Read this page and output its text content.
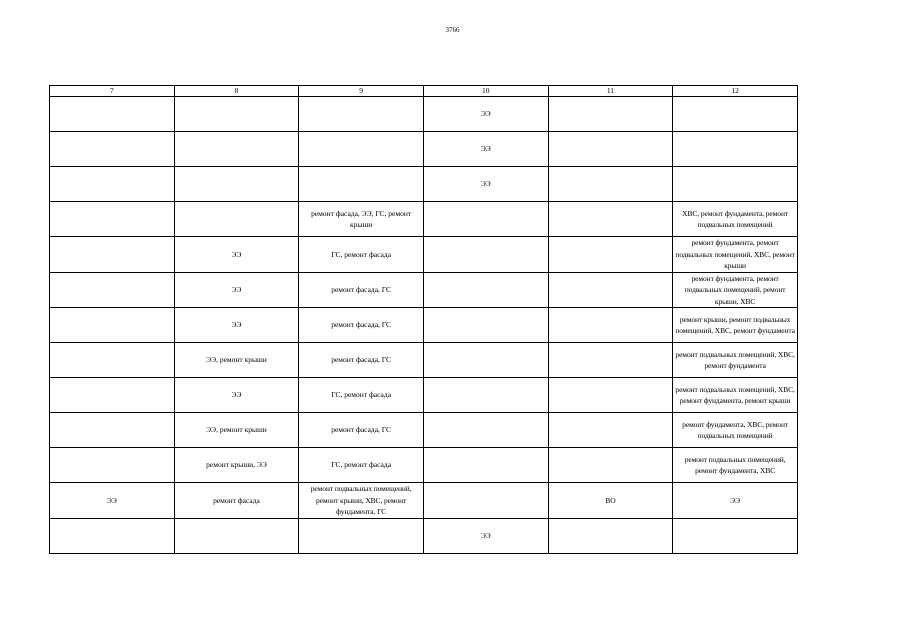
3766
7	8	9	10	11	12
			ЭЭ		
			ЭЭ		
			ЭЭ		
		ремонт фасада, ЭЭ, ГС, ремонт крыши			ХВС, ремонт фундамента, ремонт подвальных помещений
	ЭЭ	ГС, ремонт фасада			ремонт фундамента, ремонт подвальных помещений, ХВС, ремонт крыши
	ЭЭ	ремонт фасада, ГС			ремонт фундамента, ремонт подвальных помещений, ремонт крыши, ХВС
	ЭЭ	ремонт фасада, ГС			ремонт крыши, ремонт подвальных помещений, ХВС, ремонт фундамента
	ЭЭ, ремонт крыши	ремонт фасада, ГС			ремонт подвальных помещений, ХВС, ремонт фундамента
	ЭЭ	ГС, ремонт фасада			ремонт подвальных помещений, ХВС, ремонт фундамента, ремонт крыши
	ЭЭ, ремонт крыши	ремонт фасада, ГС			ремонт фундамента, ХВС, ремонт подвальных помещений
	ремонт крыши, ЭЭ	ГС, ремонт фасада			ремонт подвальных помещений, ремонт фундамента, ХВС
ЭЭ	ремонт фасада	ремонт подвальных помещений, ремонт крыши, ХВС, ремонт фундамента, ГС		ВО	ЭЭ
			ЭЭ		
